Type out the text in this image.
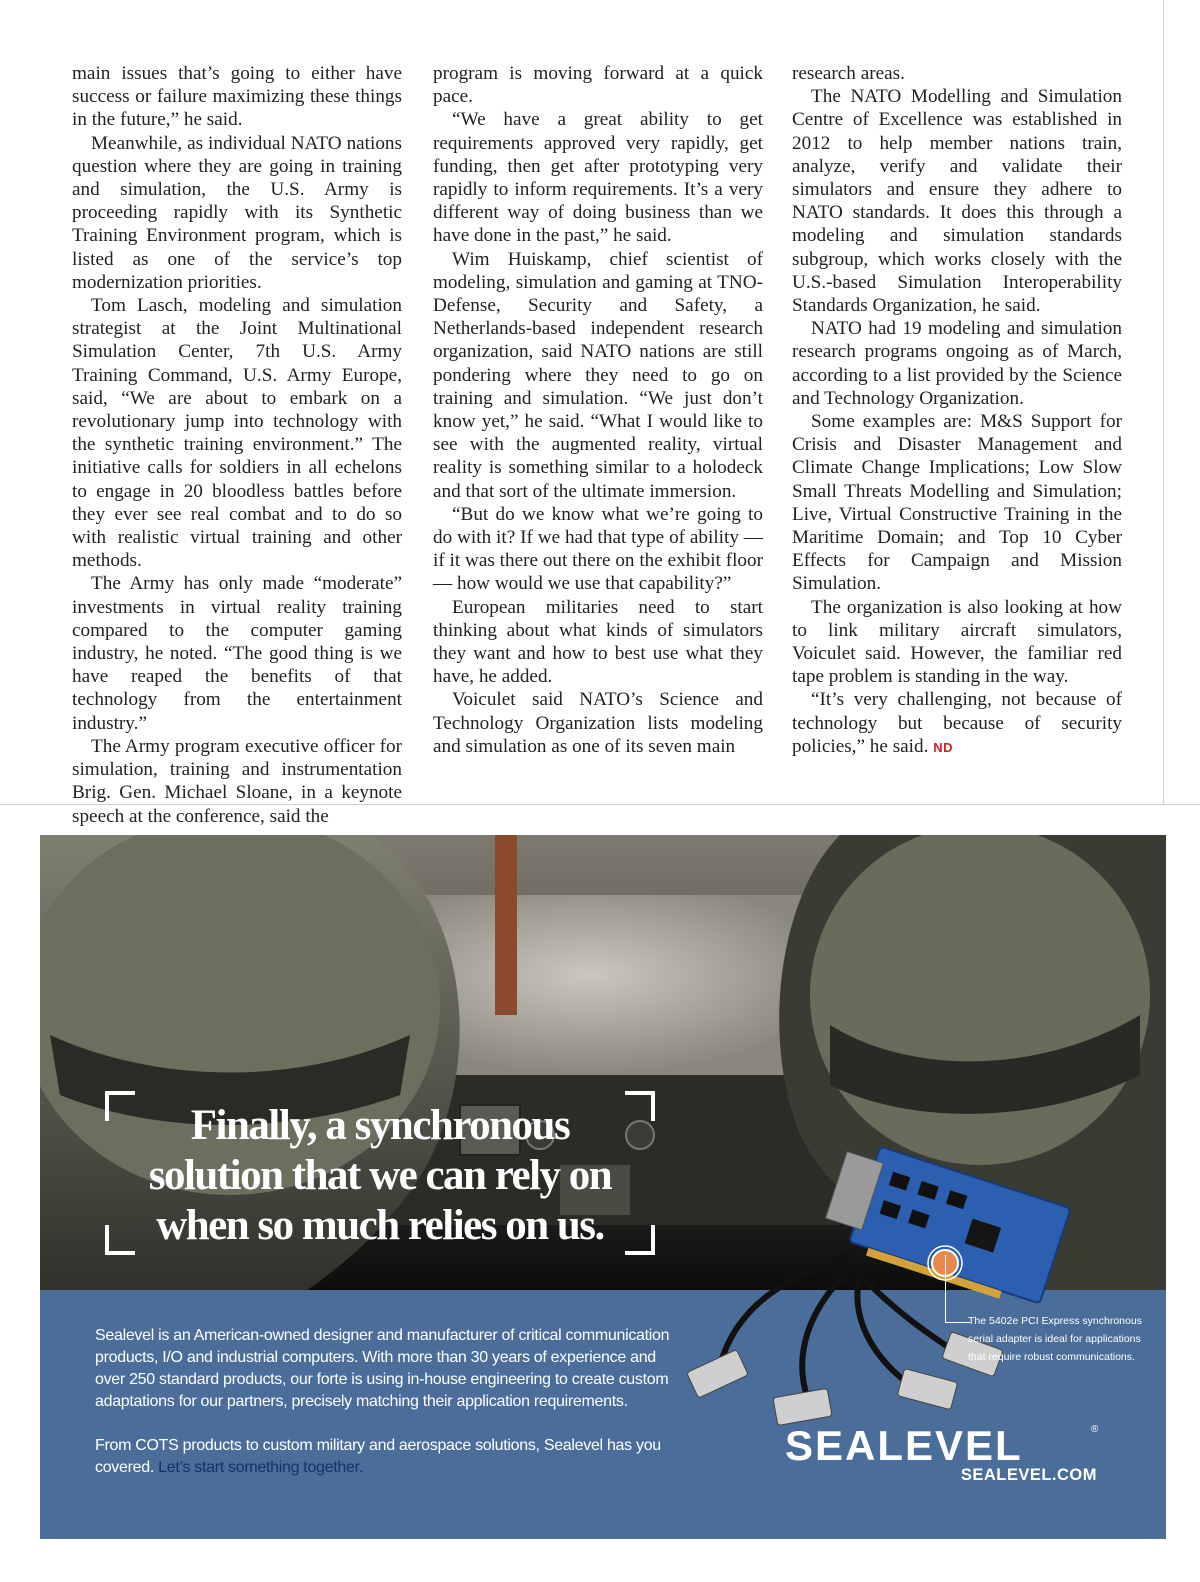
main issues that’s going to either have success or failure maximizing these things in the future,” he said.

Meanwhile, as individual NATO nations question where they are going in training and simulation, the U.S. Army is proceeding rapidly with its Synthetic Training Environment program, which is listed as one of the service’s top modernization priorities.

Tom Lasch, modeling and simulation strategist at the Joint Multinational Simulation Center, 7th U.S. Army Training Command, U.S. Army Europe, said, “We are about to embark on a revolutionary jump into technology with the synthetic training environment.” The initiative calls for soldiers in all echelons to engage in 20 bloodless battles before they ever see real combat and to do so with realistic virtual training and other methods.

The Army has only made “moderate” investments in virtual reality training compared to the computer gaming industry, he noted. “The good thing is we have reaped the benefits of that technology from the entertainment industry.”

The Army program executive officer for simulation, training and instrumentation Brig. Gen. Michael Sloane, in a keynote speech at the conference, said the

program is moving forward at a quick pace.

“We have a great ability to get requirements approved very rapidly, get funding, then get after prototyping very rapidly to inform requirements. It’s a very different way of doing business than we have done in the past,” he said.

Wim Huiskamp, chief scientist of modeling, simulation and gaming at TNO-Defense, Security and Safety, a Netherlands-based independent research organization, said NATO nations are still pondering where they need to go on training and simulation. “We just don’t know yet,” he said. “What I would like to see with the augmented reality, virtual reality is something similar to a holodeck and that sort of the ultimate immersion.

“But do we know what we’re going to do with it? If we had that type of ability — if it was there out there on the exhibit floor — how would we use that capability?”

European militaries need to start thinking about what kinds of simulators they want and how to best use what they have, he added.

Voiculet said NATO’s Science and Technology Organization lists modeling and simulation as one of its seven main

research areas.

The NATO Modelling and Simulation Centre of Excellence was established in 2012 to help member nations train, analyze, verify and validate their simulators and ensure they adhere to NATO standards. It does this through a modeling and simulation standards subgroup, which works closely with the U.S.-based Simulation Interoperability Standards Organization, he said.

NATO had 19 modeling and simulation research programs ongoing as of March, according to a list provided by the Science and Technology Organization.

Some examples are: M&S Support for Crisis and Disaster Management and Climate Change Implications; Low Slow Small Threats Modelling and Simulation; Live, Virtual Constructive Training in the Maritime Domain; and Top 10 Cyber Effects for Campaign and Mission Simulation.

The organization is also looking at how to link military aircraft simulators, Voiculet said. However, the familiar red tape problem is standing in the way.

“It’s very challenging, not because of technology but because of security policies,” he said. ND

Finally, a synchronous
solution that we can rely on
when so much relies on us.
The 5402e PCI Express synchronous serial adapter is ideal for applications that require robust communications.
Sealevel is an American-owned designer and manufacturer of critical communication products, I/O and industrial computers. With more than 30 years of experience and over 250 standard products, our forte is using in-house engineering to create custom adaptations for our partners, precisely matching their application requirements.
From COTS products to custom military and aerospace solutions, Sealevel has you covered. Let’s start something together.	SEALEVEL	®
SEALEVEL.COM
